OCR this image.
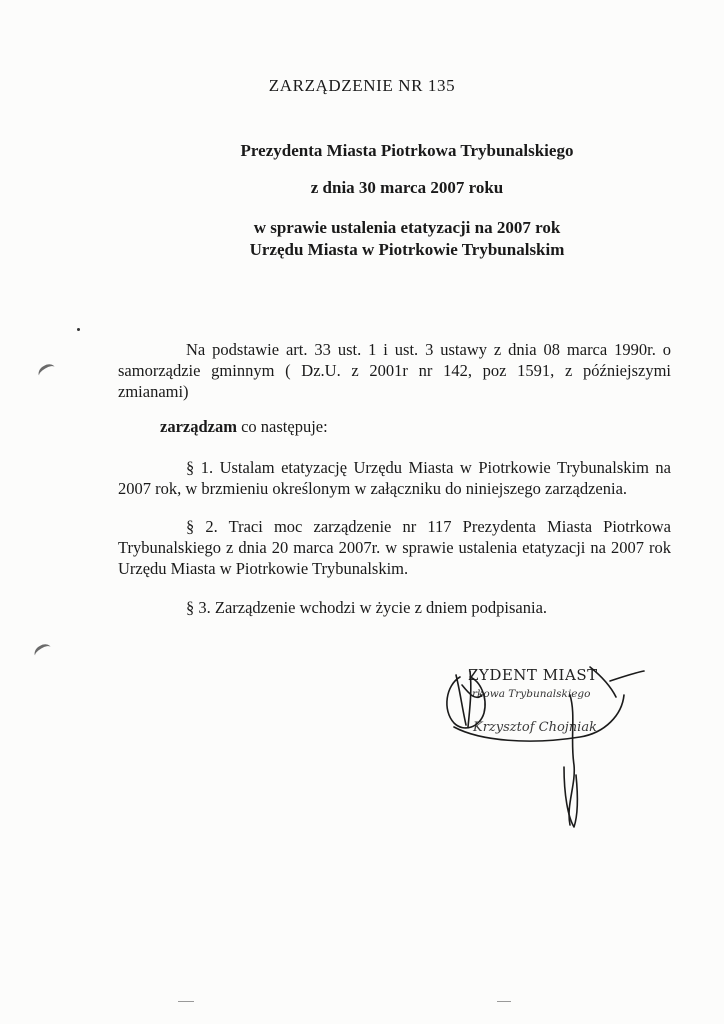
ZARZĄDZENIE NR 135
Prezydenta Miasta Piotrkowa Trybunalskiego
z dnia 30 marca 2007 roku
w sprawie ustalenia etatyzacji na 2007 rok
Urzędu Miasta w Piotrkowie Trybunalskim
Na podstawie art. 33 ust. 1 i ust. 3 ustawy z dnia 08 marca 1990r. o samorządzie gminnym ( Dz.U. z 2001r nr 142, poz 1591, z późniejszymi zmianami)
zarządzam co następuje:
§ 1. Ustalam etatyzację Urzędu Miasta w Piotrkowie Trybunalskim na 2007 rok, w brzmieniu określonym w załączniku do niniejszego zarządzenia.
§ 2. Traci moc zarządzenie nr 117 Prezydenta Miasta Piotrkowa Trybunalskiego z dnia 20 marca 2007r. w sprawie ustalenia etatyzacji na 2007 rok Urzędu Miasta w Piotrkowie Trybunalskim.
§ 3. Zarządzenie wchodzi w życie z dniem podpisania.
ZYDENT MIAST
rkowa Trybunalskiego
Krzysztof Chojniak
